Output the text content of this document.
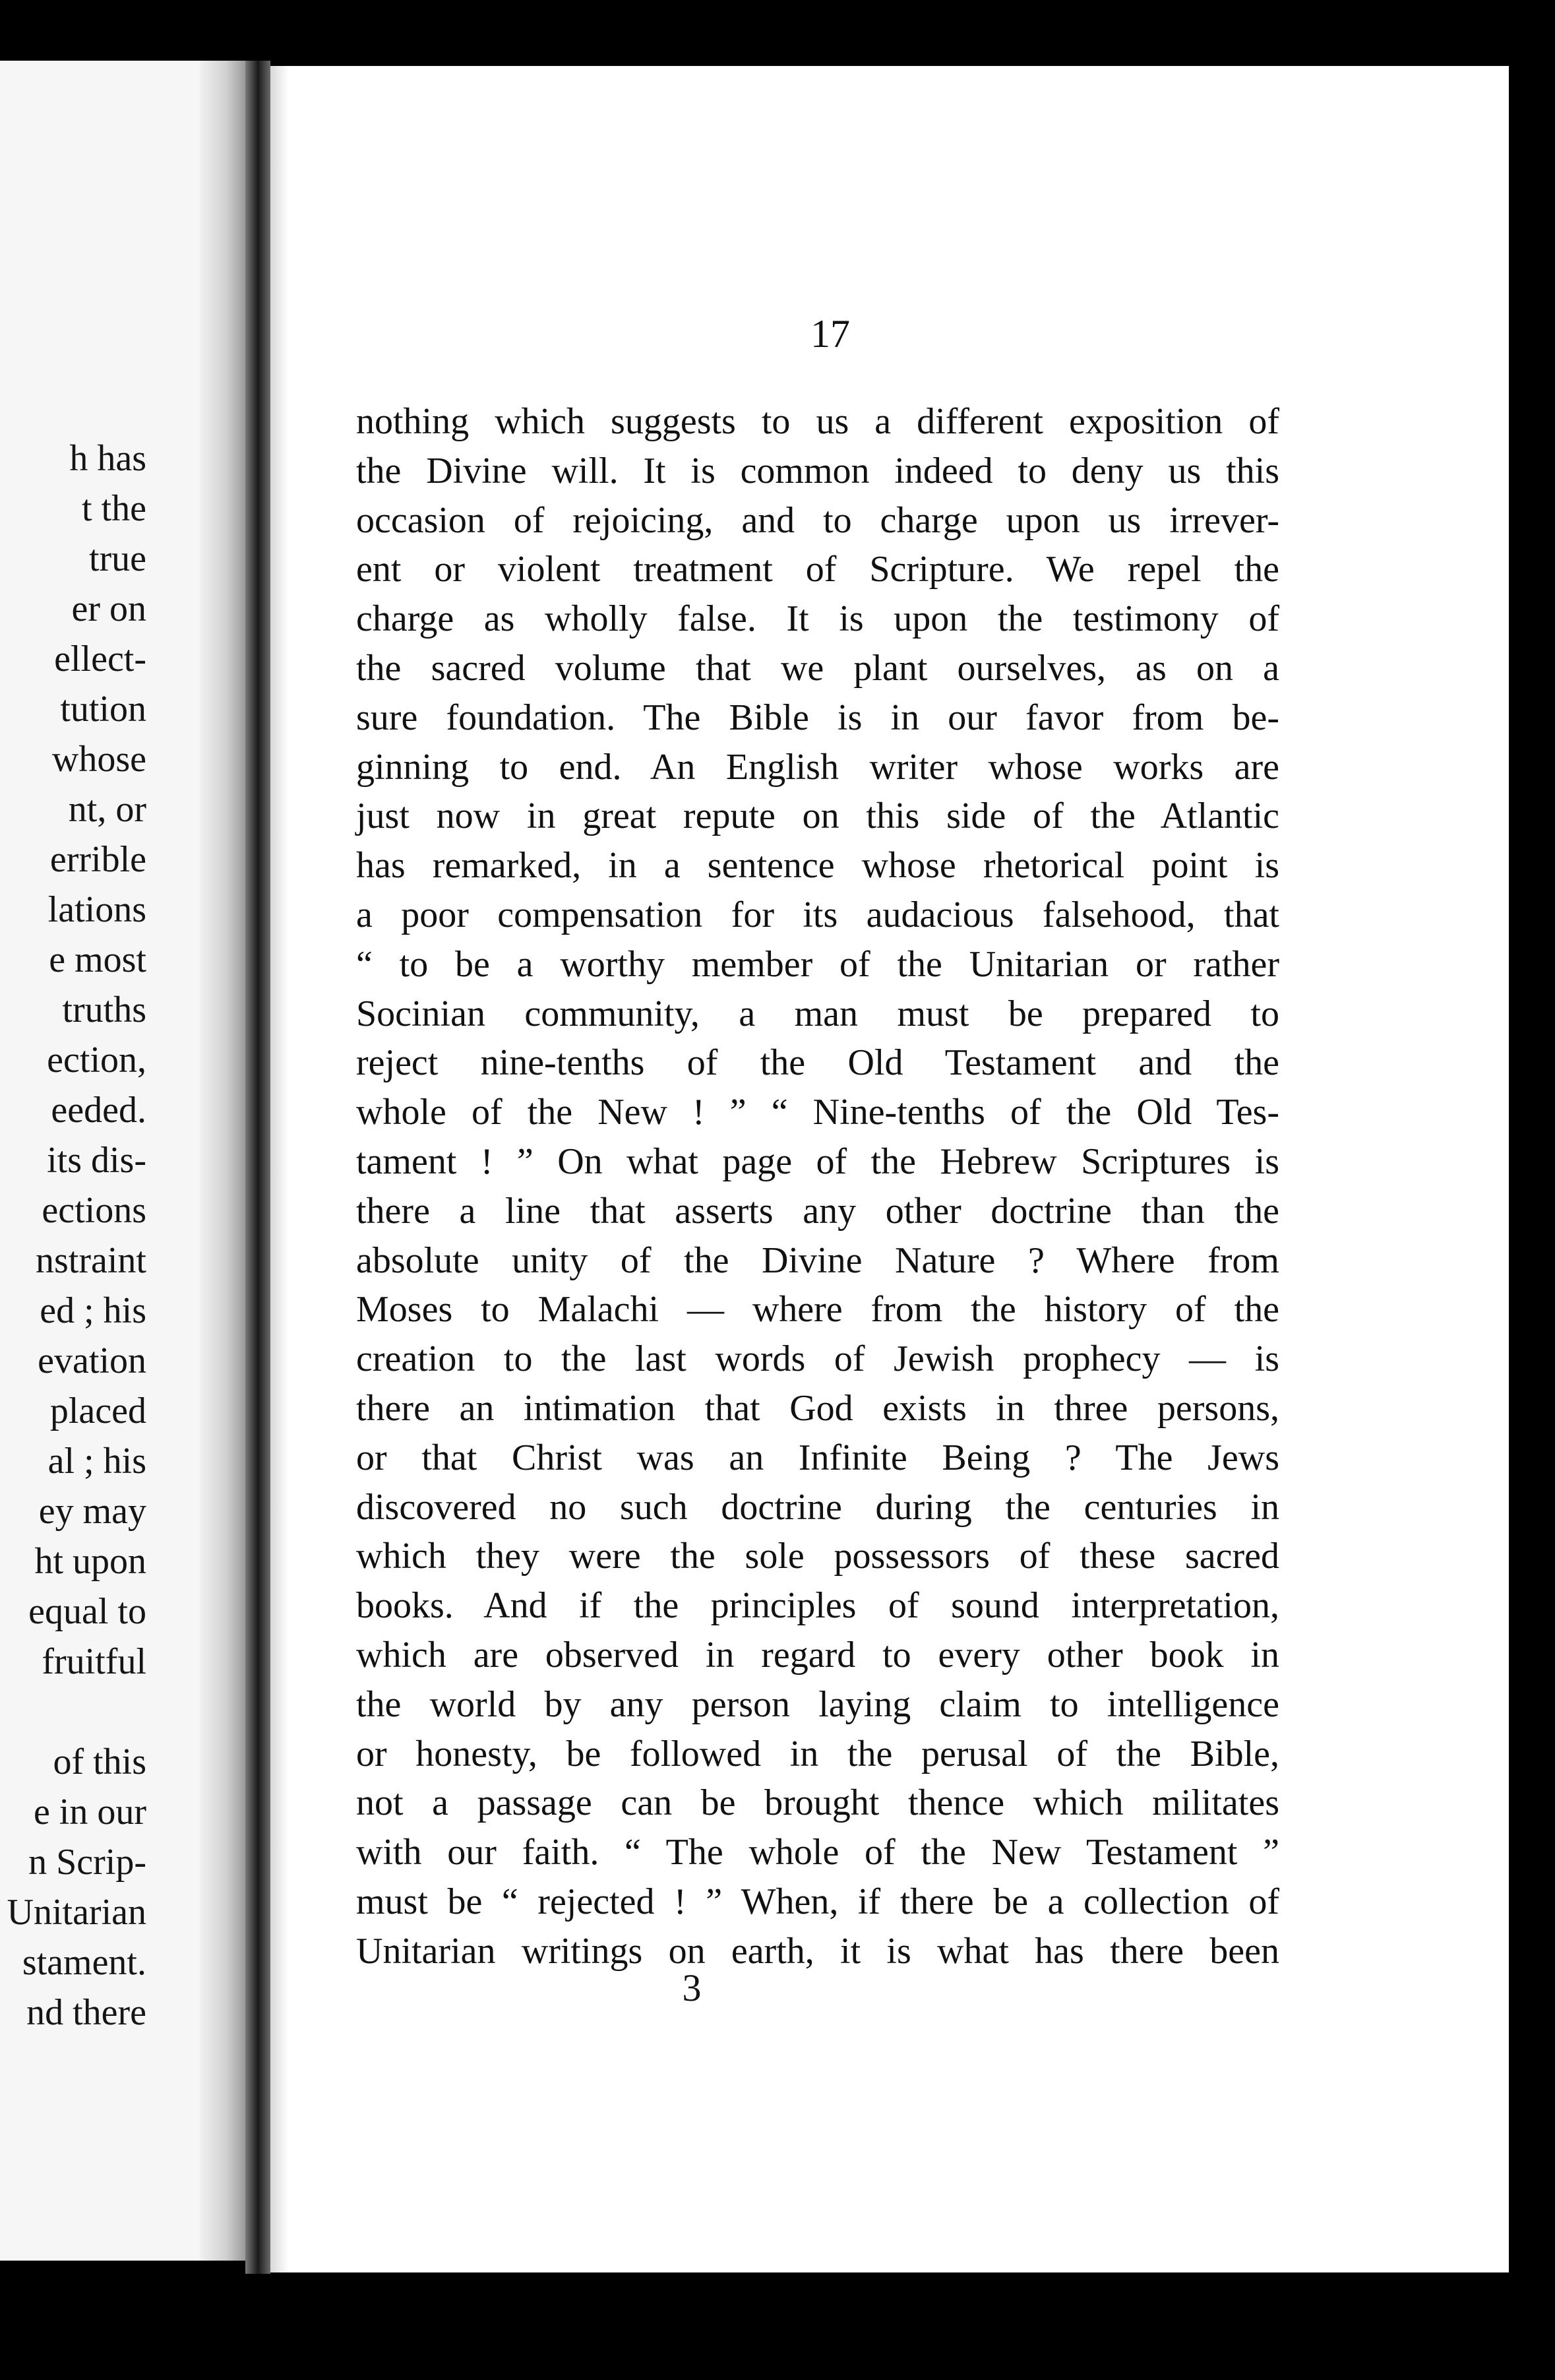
h has
t the
true
er on
ellect-
tution
whose
nt, or
errible
lations
e most
truths
ection,
eeded.
its dis-
ections
nstraint
ed ; his
evation
placed
al ; his
ey may
ht upon
equal to
fruitful

of this
e in our
n Scrip-
Unitarian
stament.
nd there
17
nothing which suggests to us a different exposition of
the Divine will. It is common indeed to deny us this
occasion of rejoicing, and to charge upon us irrever-
ent or violent treatment of Scripture. We repel the
charge as wholly false. It is upon the testimony of
the sacred volume that we plant ourselves, as on a
sure foundation. The Bible is in our favor from be-
ginning to end. An English writer whose works are
just now in great repute on this side of the Atlantic
has remarked, in a sentence whose rhetorical point is
a poor compensation for its audacious falsehood, that
“ to be a worthy member of the Unitarian or rather
Socinian community, a man must be prepared to
reject nine-tenths of the Old Testament and the
whole of the New ! ” “ Nine-tenths of the Old Tes-
tament ! ” On what page of the Hebrew Scriptures is
there a line that asserts any other doctrine than the
absolute unity of the Divine Nature ? Where from
Moses to Malachi — where from the history of the
creation to the last words of Jewish prophecy — is
there an intimation that God exists in three persons,
or that Christ was an Infinite Being ? The Jews
discovered no such doctrine during the centuries in
which they were the sole possessors of these sacred
books. And if the principles of sound interpretation,
which are observed in regard to every other book in
the world by any person laying claim to intelligence
or honesty, be followed in the perusal of the Bible,
not a passage can be brought thence which militates
with our faith. “ The whole of the New Testament ”
must be “ rejected ! ” When, if there be a collection of
Unitarian writings on earth, it is what has there been
3
